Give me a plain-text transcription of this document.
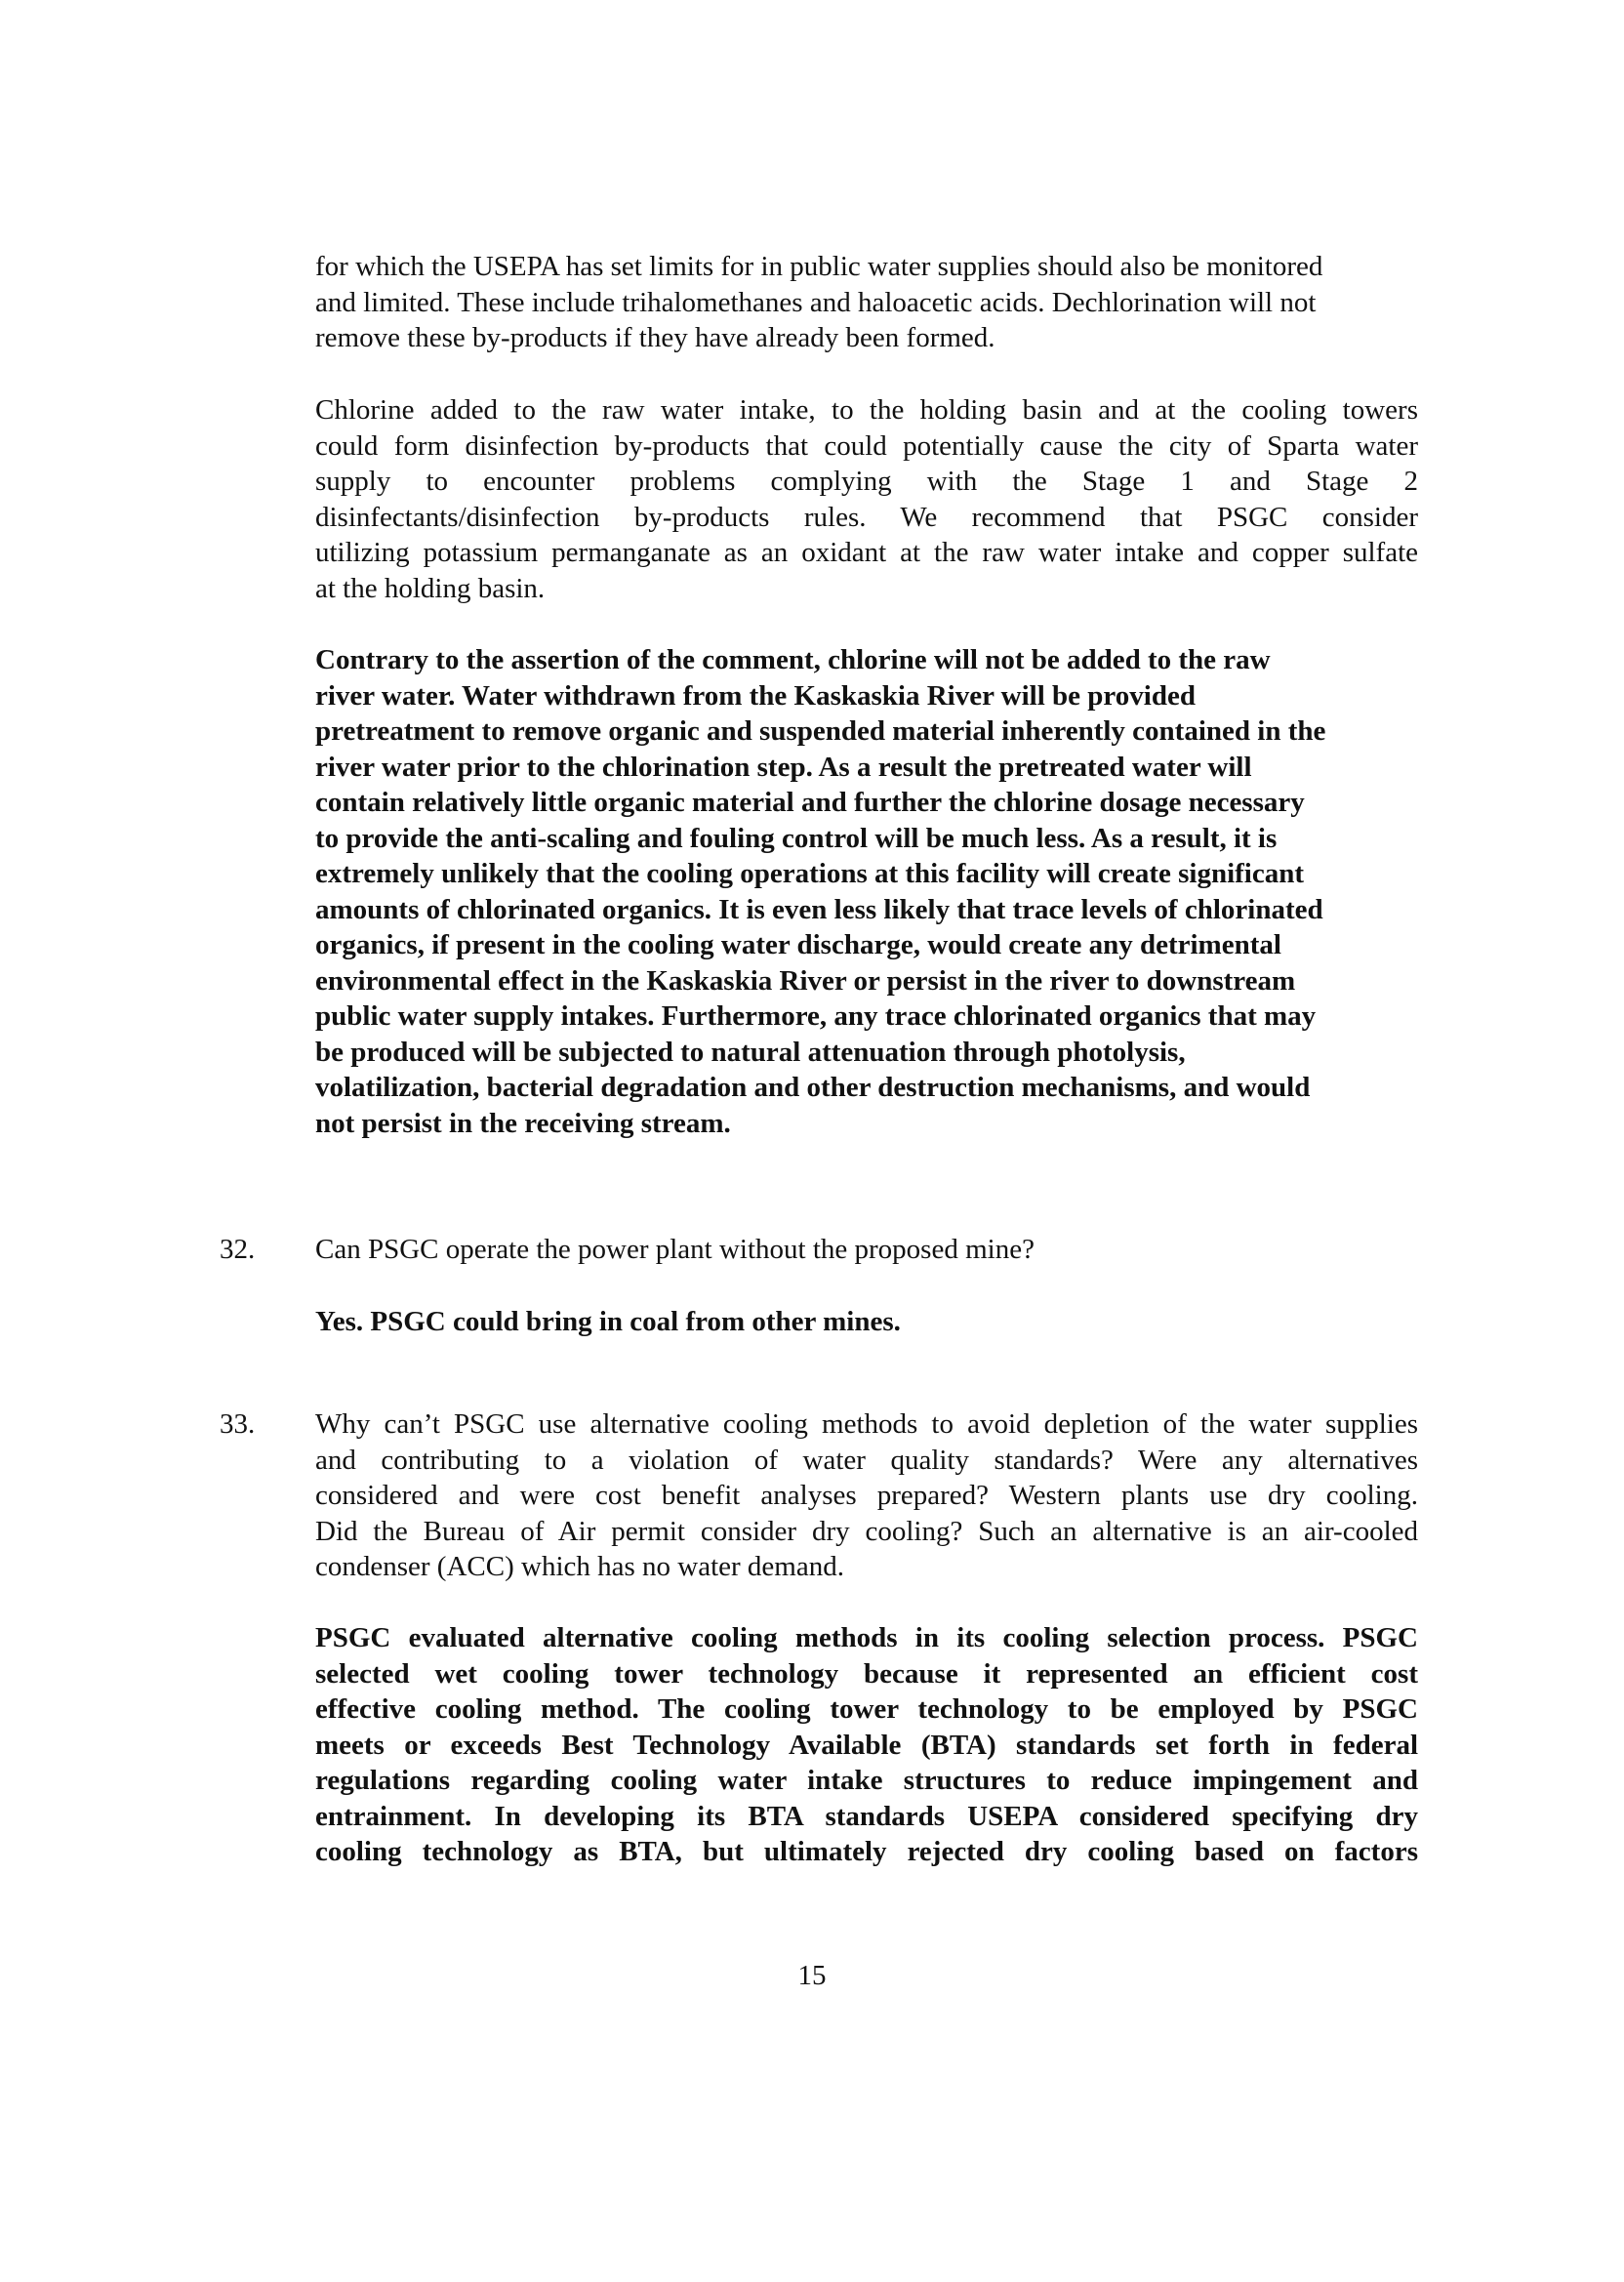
for which the USEPA has set limits for in public water supplies should also be monitored
and limited. These include trihalomethanes and haloacetic acids. Dechlorination will not
remove these by-products if they have already been formed.
Chlorine added to the raw water intake, to the holding basin and at the cooling towers
could form disinfection by-products that could potentially cause the city of Sparta water
supply to encounter problems complying with the Stage 1 and Stage 2
disinfectants/disinfection by-products rules. We recommend that PSGC consider
utilizing potassium permanganate as an oxidant at the raw water intake and copper sulfate
at the holding basin.
Contrary to the assertion of the comment, chlorine will not be added to the raw
river water. Water withdrawn from the Kaskaskia River will be provided
pretreatment to remove organic and suspended material inherently contained in the
river water prior to the chlorination step. As a result the pretreated water will
contain relatively little organic material and further the chlorine dosage necessary
to provide the anti-scaling and fouling control will be much less. As a result, it is
extremely unlikely that the cooling operations at this facility will create significant
amounts of chlorinated organics. It is even less likely that trace levels of chlorinated
organics, if present in the cooling water discharge, would create any detrimental
environmental effect in the Kaskaskia River or persist in the river to downstream
public water supply intakes. Furthermore, any trace chlorinated organics that may
be produced will be subjected to natural attenuation through photolysis,
volatilization, bacterial degradation and other destruction mechanisms, and would
not persist in the receiving stream.
32. Can PSGC operate the power plant without the proposed mine?
Yes. PSGC could bring in coal from other mines.
33. Why can’t PSGC use alternative cooling methods to avoid depletion of the water supplies
and contributing to a violation of water quality standards? Were any alternatives
considered and were cost benefit analyses prepared? Western plants use dry cooling.
Did the Bureau of Air permit consider dry cooling? Such an alternative is an air-cooled
condenser (ACC) which has no water demand.
PSGC evaluated alternative cooling methods in its cooling selection process. PSGC
selected wet cooling tower technology because it represented an efficient cost
effective cooling method. The cooling tower technology to be employed by PSGC
meets or exceeds Best Technology Available (BTA) standards set forth in federal
regulations regarding cooling water intake structures to reduce impingement and
entrainment. In developing its BTA standards USEPA considered specifying dry
cooling technology as BTA, but ultimately rejected dry cooling based on factors
15
